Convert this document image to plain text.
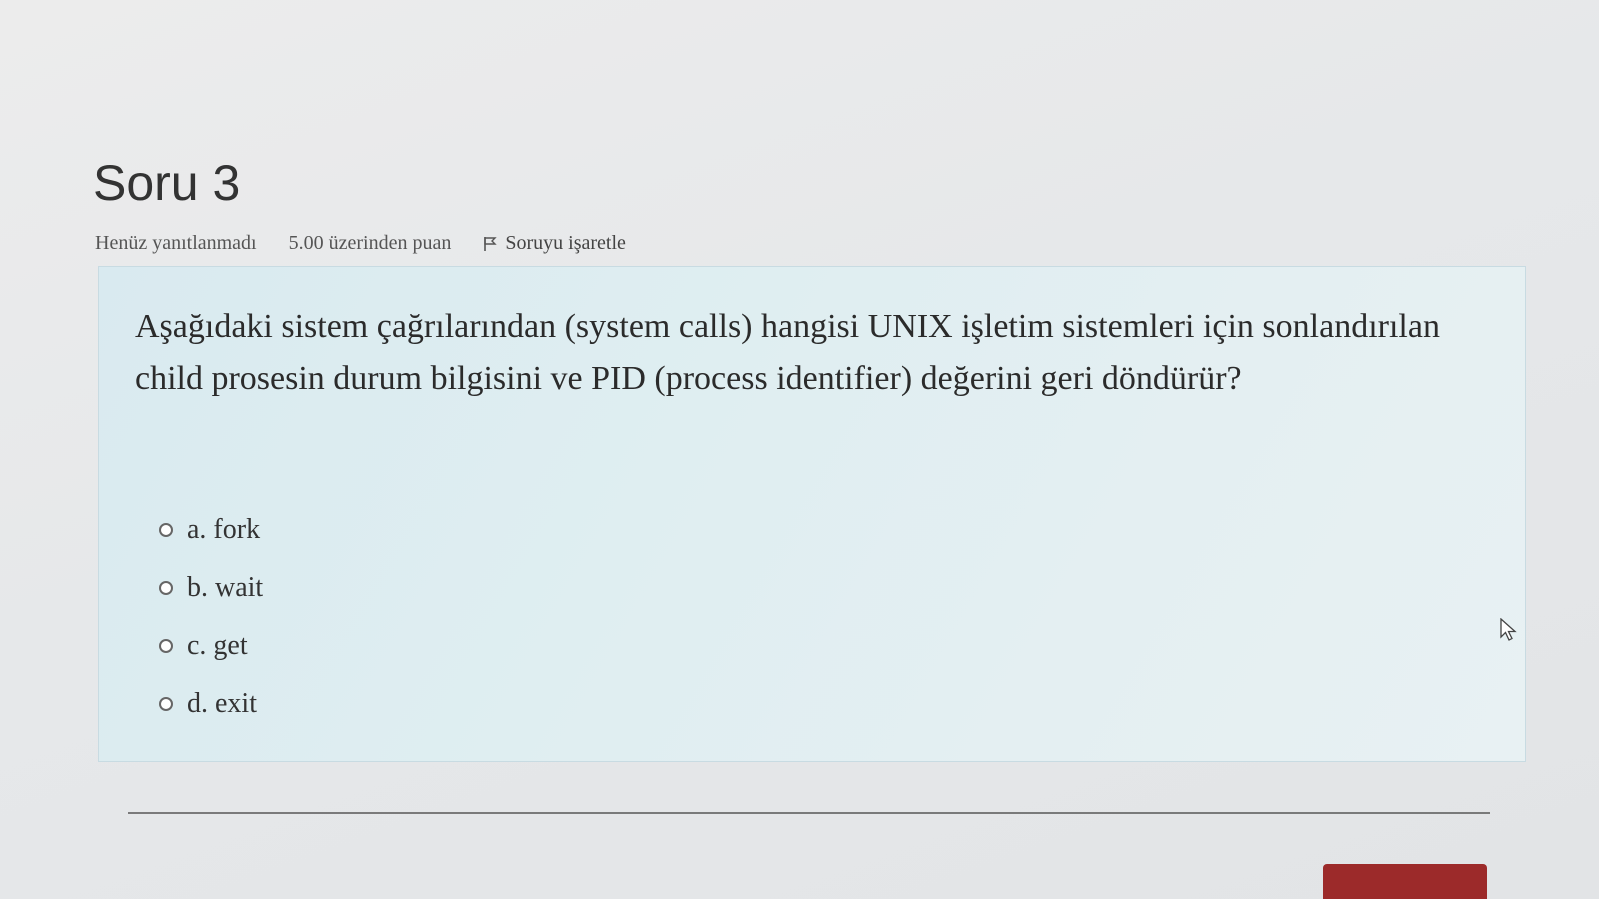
Soru 3
Henüz yanıtlanmadı 5.00 üzerinden puan	Soruyu işaretle

Aşağıdaki sistem çağrılarından (system calls) hangisi UNIX işletim sistemleri için sonlandırılan child prosesin durum bilgisini ve PID (process identifier) değerini geri döndürür?

a. fork
b. wait
c. get
d. exit
